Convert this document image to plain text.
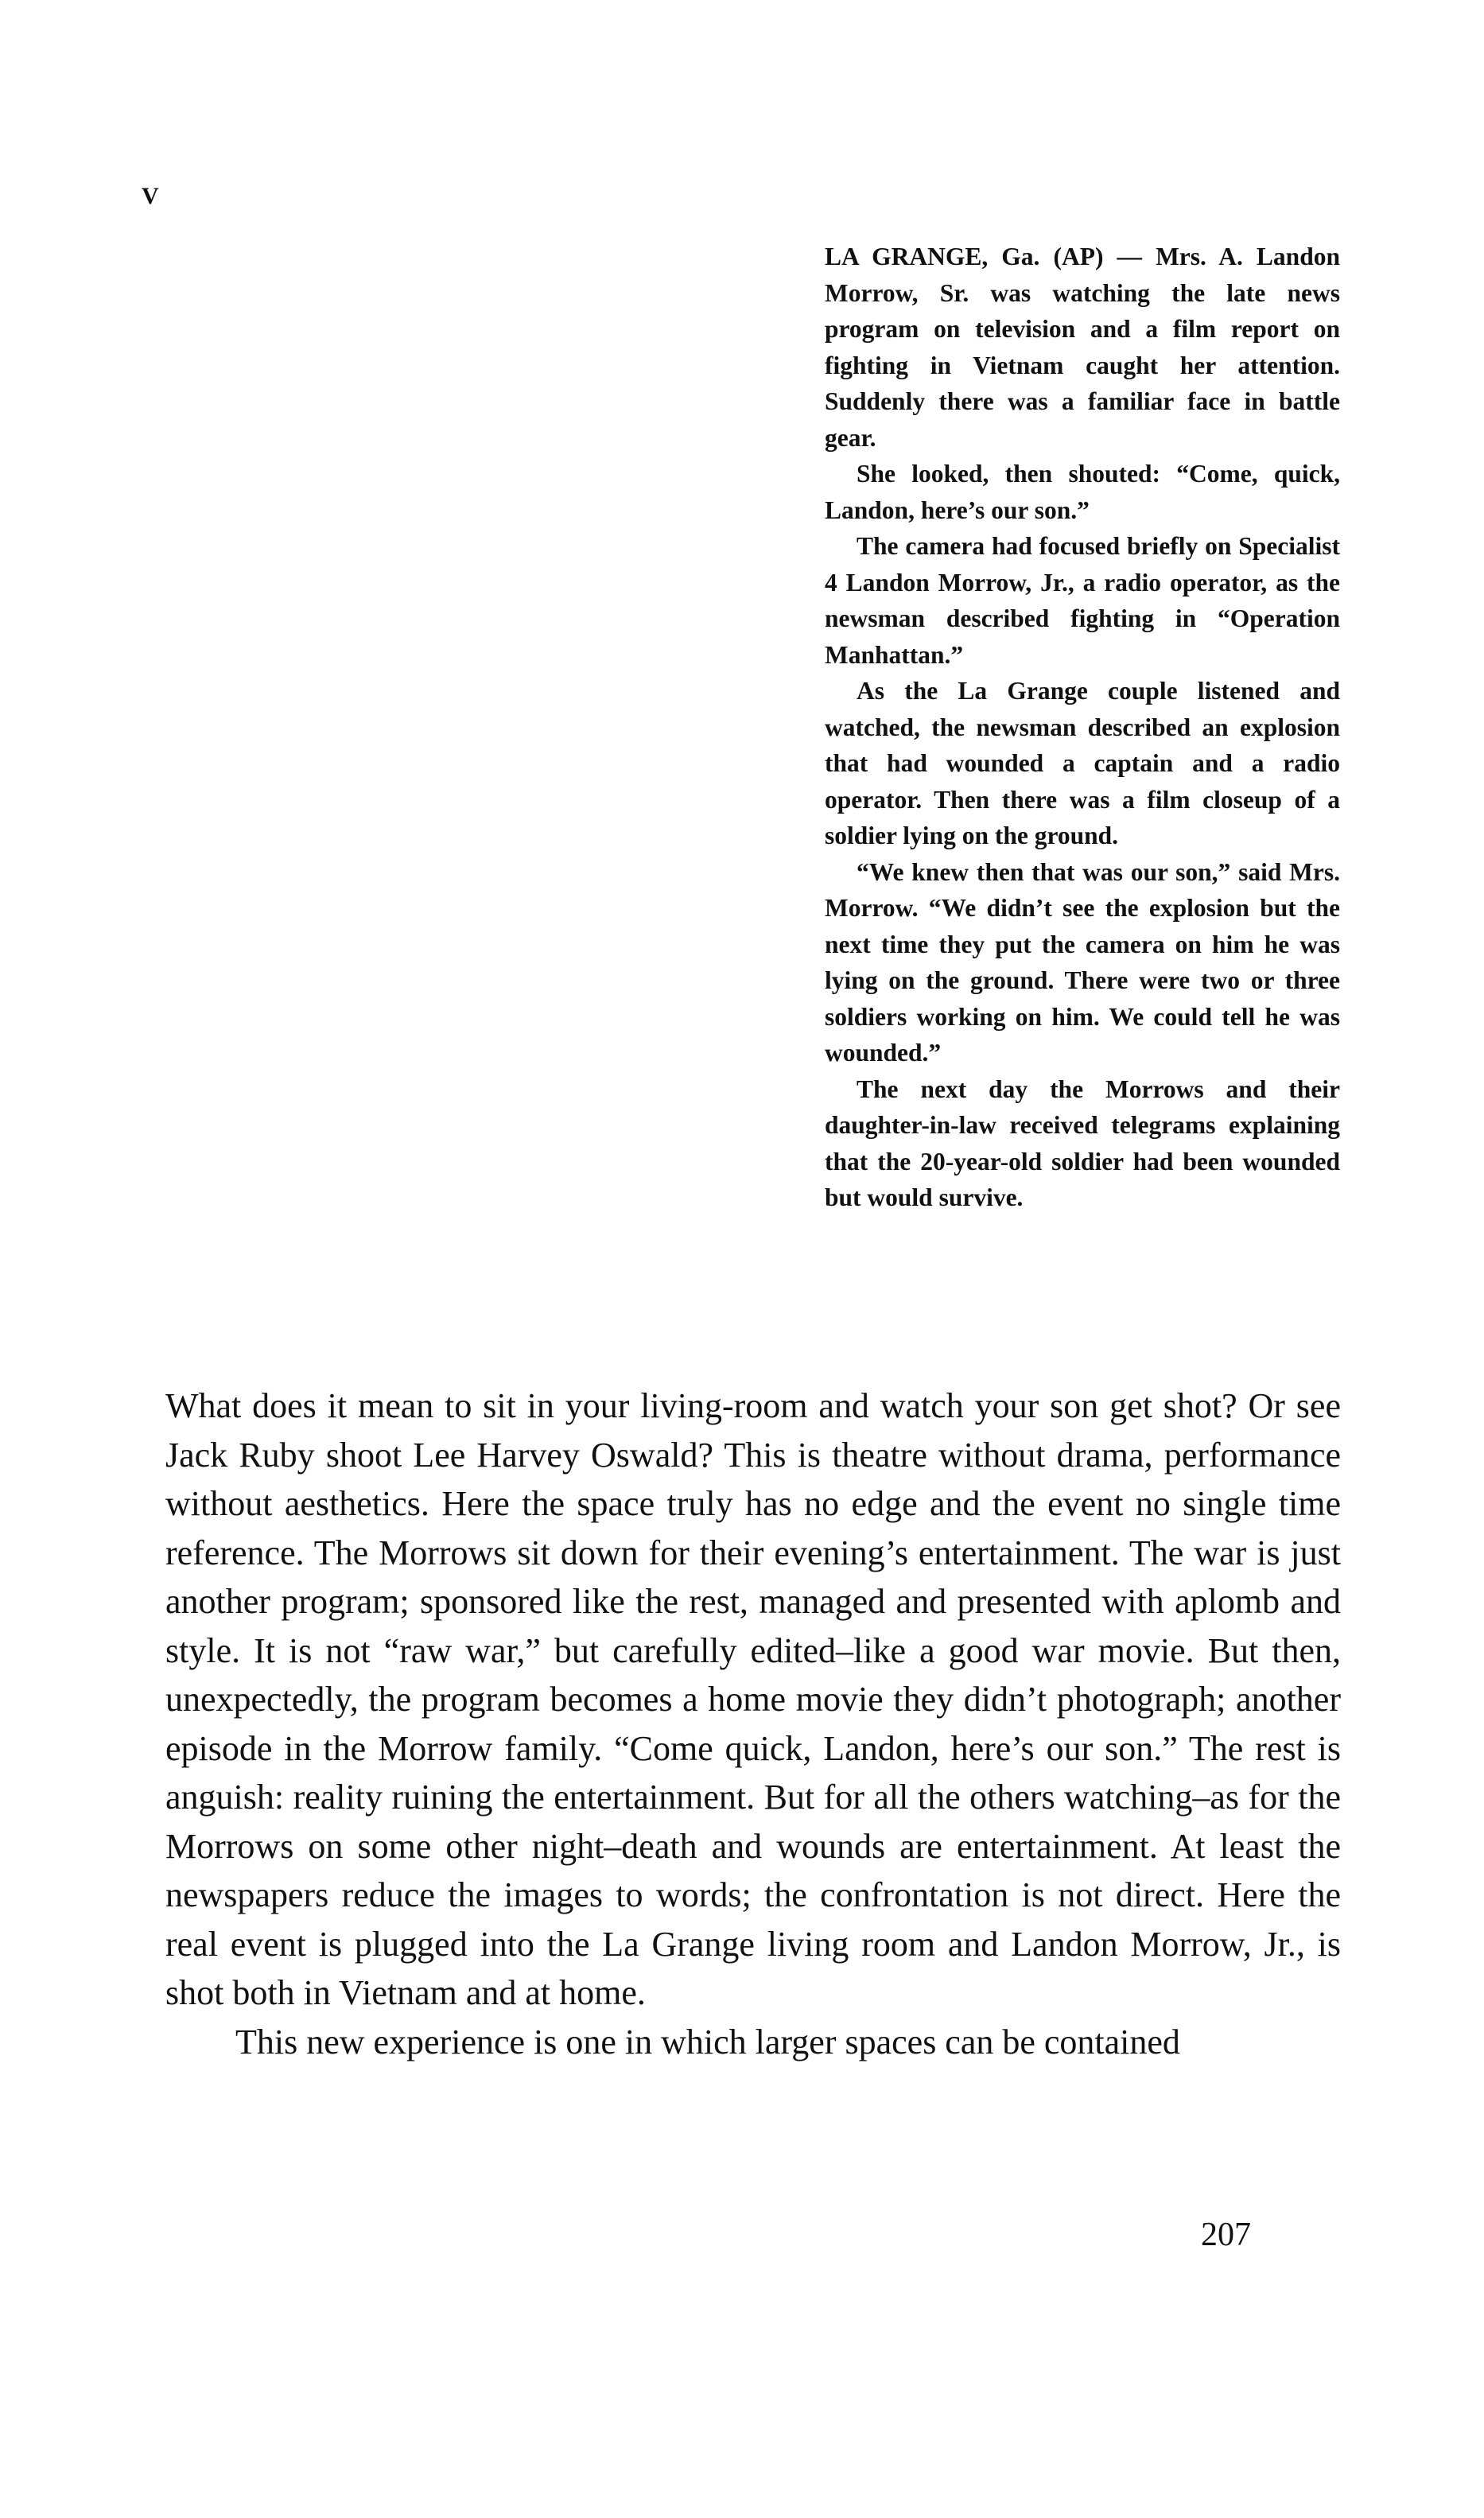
V

LA GRANGE, Ga. (AP) — Mrs. A. Landon Morrow, Sr. was watching the late news program on television and a film report on fighting in Vietnam caught her attention. Suddenly there was a familiar face in battle gear.

She looked, then shouted: “Come, quick, Landon, here’s our son.”

The camera had focused briefly on Specialist 4 Landon Morrow, Jr., a radio operator, as the newsman described fighting in “Operation Manhattan.”

As the La Grange couple listened and watched, the newsman described an explosion that had wounded a captain and a radio operator. Then there was a film closeup of a soldier lying on the ground.

“We knew then that was our son,” said Mrs. Morrow. “We didn’t see the explosion but the next time they put the camera on him he was lying on the ground. There were two or three soldiers working on him. We could tell he was wounded.”

The next day the Morrows and their daughter-in-law received telegrams explaining that the 20-year-old soldier had been wounded but would survive.

What does it mean to sit in your living-room and watch your son get shot? Or see Jack Ruby shoot Lee Harvey Oswald? This is theatre without drama, performance without aesthetics. Here the space truly has no edge and the event no single time reference. The Morrows sit down for their evening’s entertainment. The war is just another program; sponsored like the rest, managed and presented with aplomb and style. It is not “raw war,” but carefully edited–like a good war movie. But then, unexpectedly, the program becomes a home movie they didn’t photograph; another episode in the Morrow family. “Come quick, Landon, here’s our son.” The rest is anguish: reality ruining the entertainment. But for all the others watching–as for the Morrows on some other night–death and wounds are entertainment. At least the newspapers reduce the images to words; the confrontation is not direct. Here the real event is plugged into the La Grange living room and Landon Morrow, Jr., is shot both in Vietnam and at home.

This new experience is one in which larger spaces can be contained

207
